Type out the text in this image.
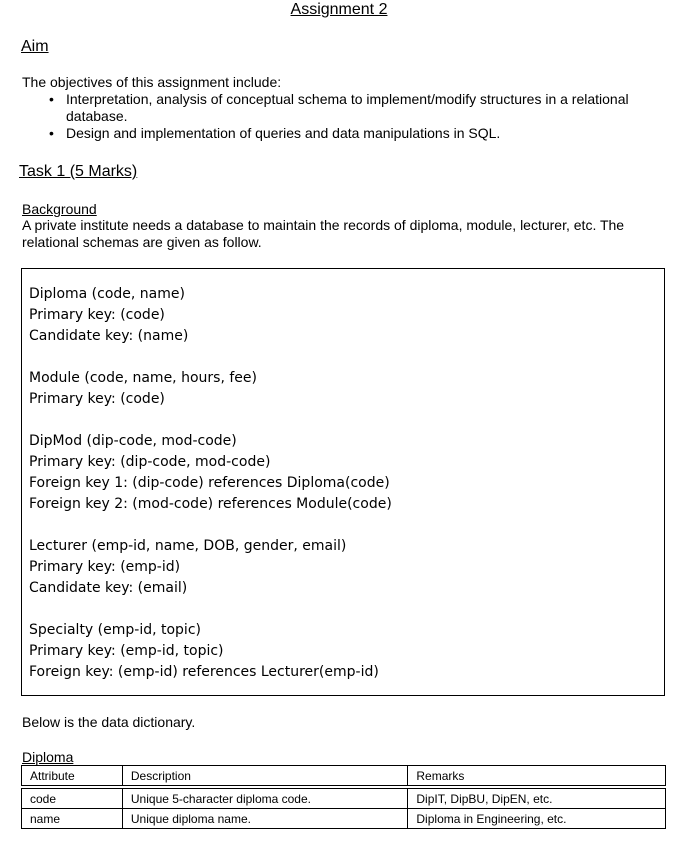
Assignment 2
Aim
The objectives of this assignment include:
• Interpretation, analysis of conceptual schema to implement/modify structures in a relational database.
• Design and implementation of queries and data manipulations in SQL.
Task 1 (5 Marks)
Background
A private institute needs a database to maintain the records of diploma, module, lecturer, etc. The relational schemas are given as follow.
Diploma (code, name)
Primary key: (code)
Candidate key: (name)
Module (code, name, hours, fee)
Primary key: (code)
DipMod (dip-code, mod-code)
Primary key: (dip-code, mod-code)
Foreign key 1: (dip-code) references Diploma(code)
Foreign key 2: (mod-code) references Module(code)
Lecturer (emp-id, name, DOB, gender, email)
Primary key: (emp-id)
Candidate key: (email)
Specialty (emp-id, topic)
Primary key: (emp-id, topic)
Foreign key: (emp-id) references Lecturer(emp-id)
Below is the data dictionary.
Diploma
Attribute	Description	Remarks

code	Unique 5-character diploma code.	DipIT, DipBU, DipEN, etc.
name	Unique diploma name.	Diploma in Engineering, etc.
